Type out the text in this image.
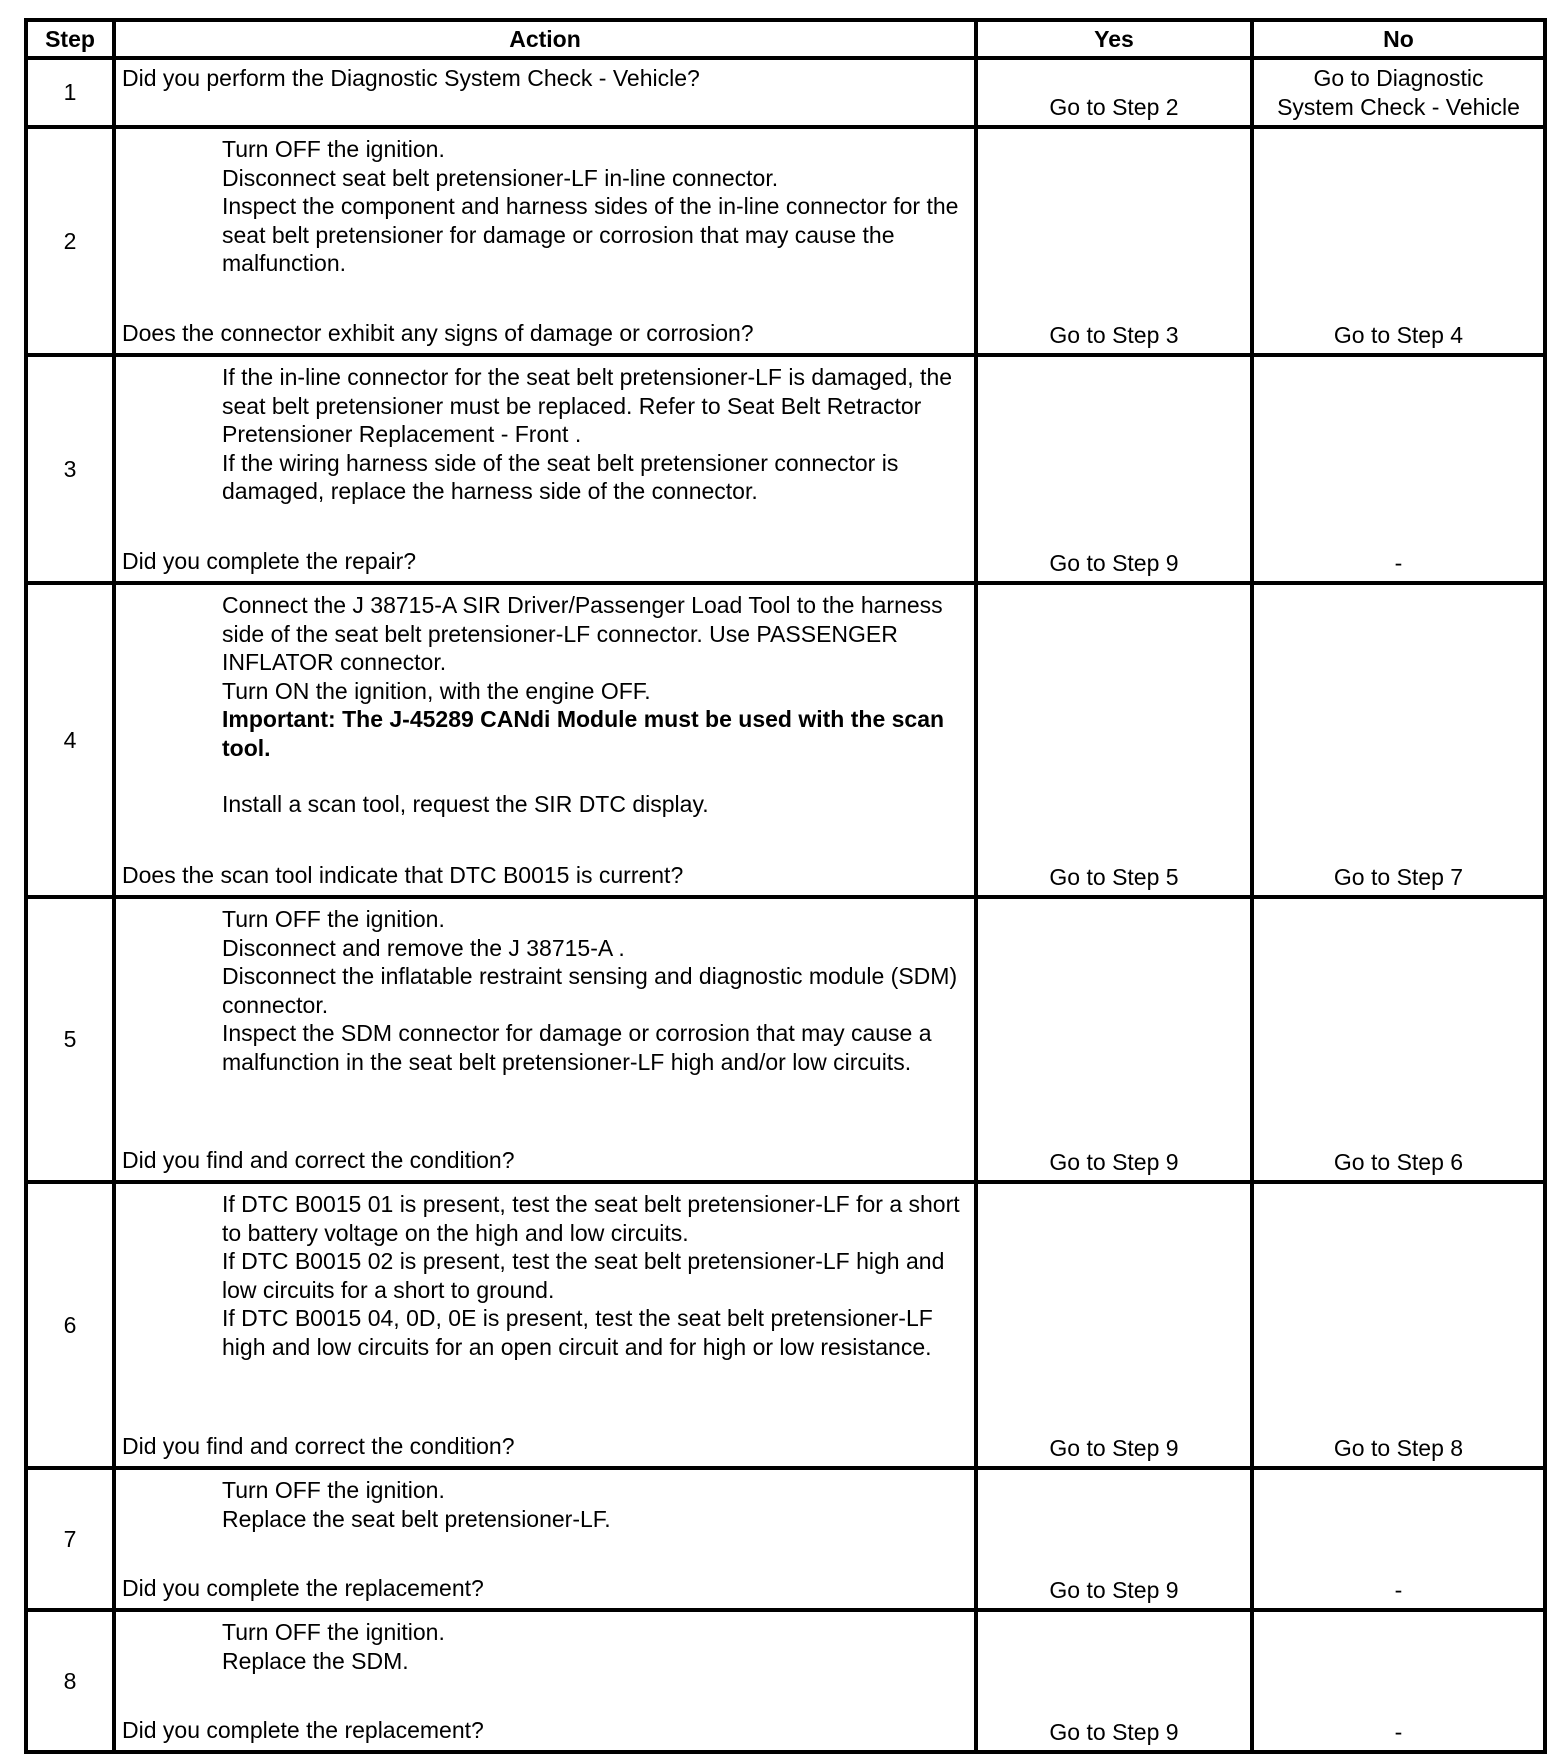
Step	Action	Yes	No
1	Did you perform the Diagnostic System Check - Vehicle?	Go to Step 2	Go to Diagnostic
System Check - Vehicle

2	Turn OFF the ignition.

Disconnect seat belt pretensioner-LF in-line connector.

Inspect the component and harness sides of the in-line connector for the seat belt pretensioner for damage or corrosion that may cause the malfunction.

Does the connector exhibit any signs of damage or corrosion?	Go to Step 3	Go to Step 4
3	If the in-line connector for the seat belt pretensioner-LF is damaged, the seat belt pretensioner must be replaced. Refer to Seat Belt Retractor Pretensioner Replacement - Front .

If the wiring harness side of the seat belt pretensioner connector is damaged, replace the harness side of the connector.

Did you complete the repair?	Go to Step 9	-
4	Connect the J 38715-A SIR Driver/Passenger Load Tool to the harness side of the seat belt pretensioner-LF connector. Use PASSENGER INFLATOR connector.

Turn ON the ignition, with the engine OFF.

Important: The J-45289 CANdi Module must be used with the scan tool.

Install a scan tool, request the SIR DTC display.

Does the scan tool indicate that DTC B0015 is current?	Go to Step 5	Go to Step 7
5	Turn OFF the ignition.

Disconnect and remove the J 38715-A .

Disconnect the inflatable restraint sensing and diagnostic module (SDM) connector.

Inspect the SDM connector for damage or corrosion that may cause a malfunction in the seat belt pretensioner-LF high and/or low circuits.

Did you find and correct the condition?	Go to Step 9	Go to Step 6
6	If DTC B0015 01 is present, test the seat belt pretensioner-LF for a short to battery voltage on the high and low circuits.

If DTC B0015 02 is present, test the seat belt pretensioner-LF high and low circuits for a short to ground.

If DTC B0015 04, 0D, 0E is present, test the seat belt pretensioner-LF high and low circuits for an open circuit and for high or low resistance.

Did you find and correct the condition?	Go to Step 9	Go to Step 8
7	Turn OFF the ignition.

Replace the seat belt pretensioner-LF.

Did you complete the replacement?	Go to Step 9	-
8	Turn OFF the ignition.

Replace the SDM.

Did you complete the replacement?	Go to Step 9	-
